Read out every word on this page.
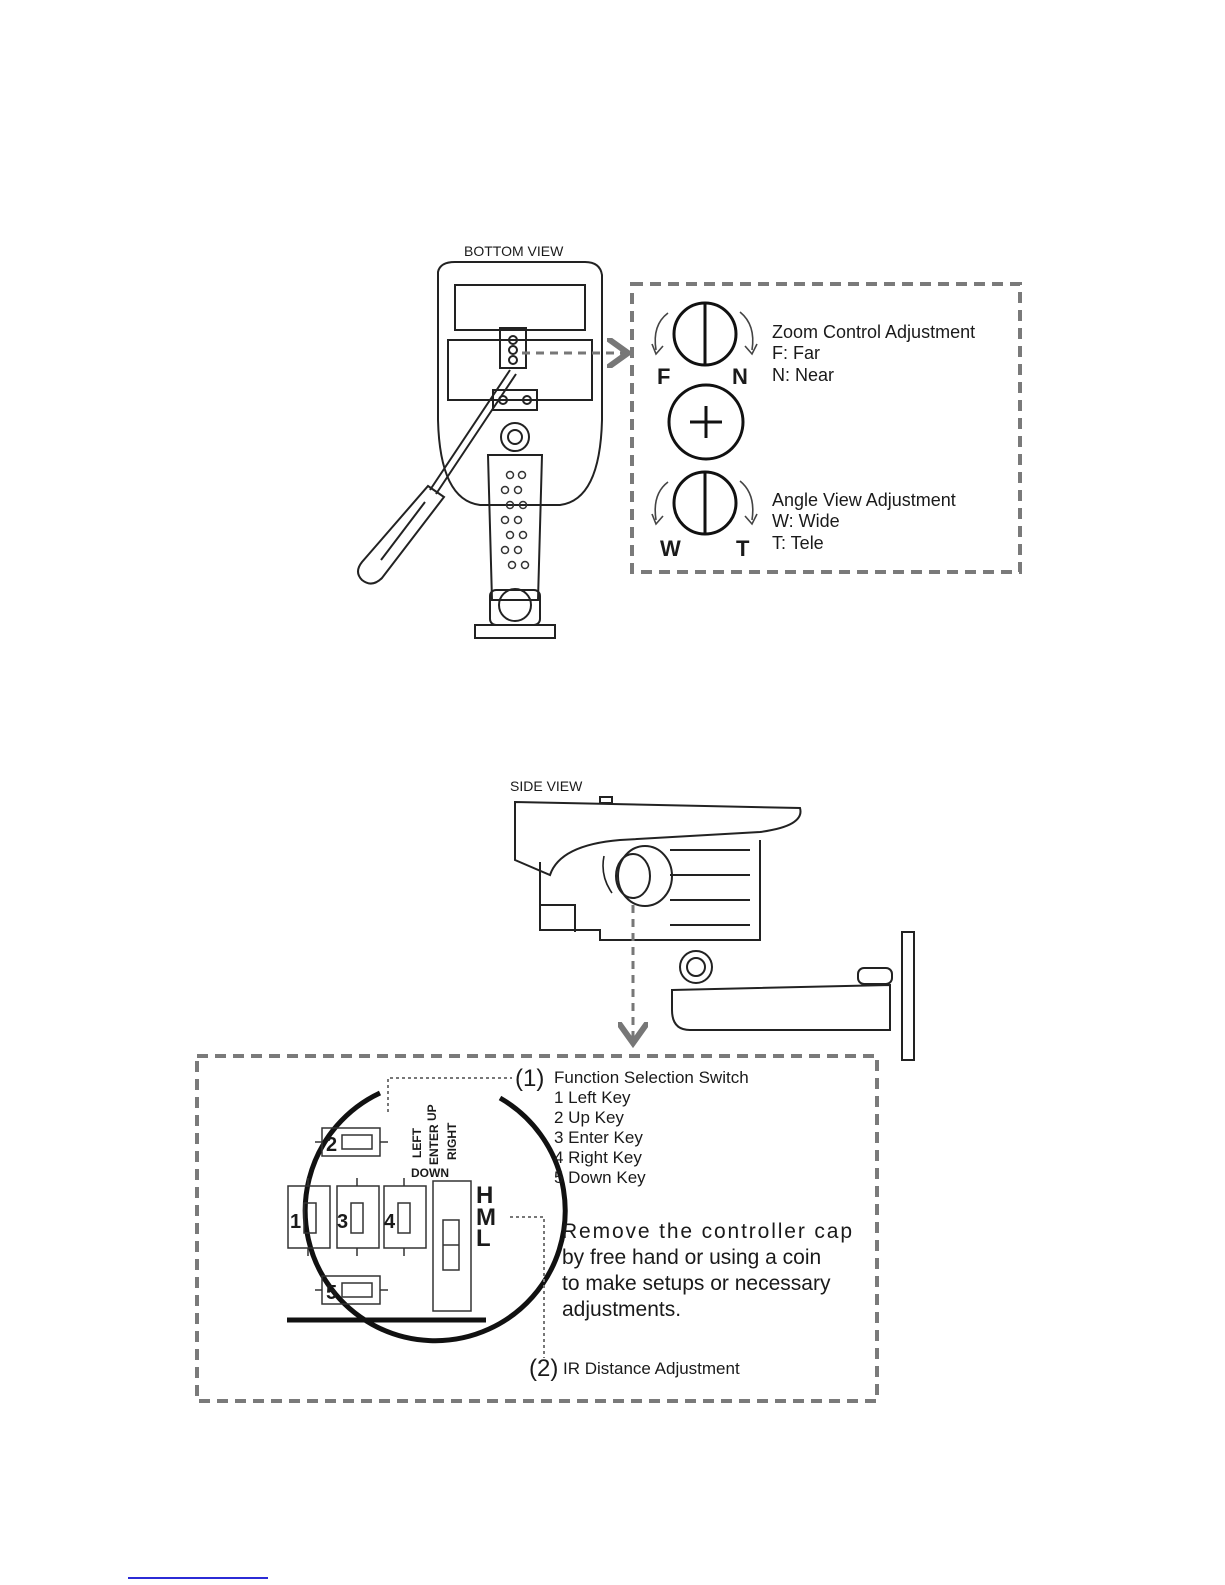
BOTTOM VIEW
F	N
Zoom Control Adjustment
F: Far
N: Near
W	T
Angle View Adjustment
W: Wide
T: Tele
SIDE VIEW
2
1 3 4
5
LEFT ENTER
UP
RIGHT
DOWN
H
M
L
(1) Function Selection Switch
1 Left Key
2 Up Key
3 Enter Key
4 Right Key
5 Down Key
Remove the controller cap
by free hand or using a coin
to make setups or necessary
adjustments.
(2) IR Distance Adjustment
